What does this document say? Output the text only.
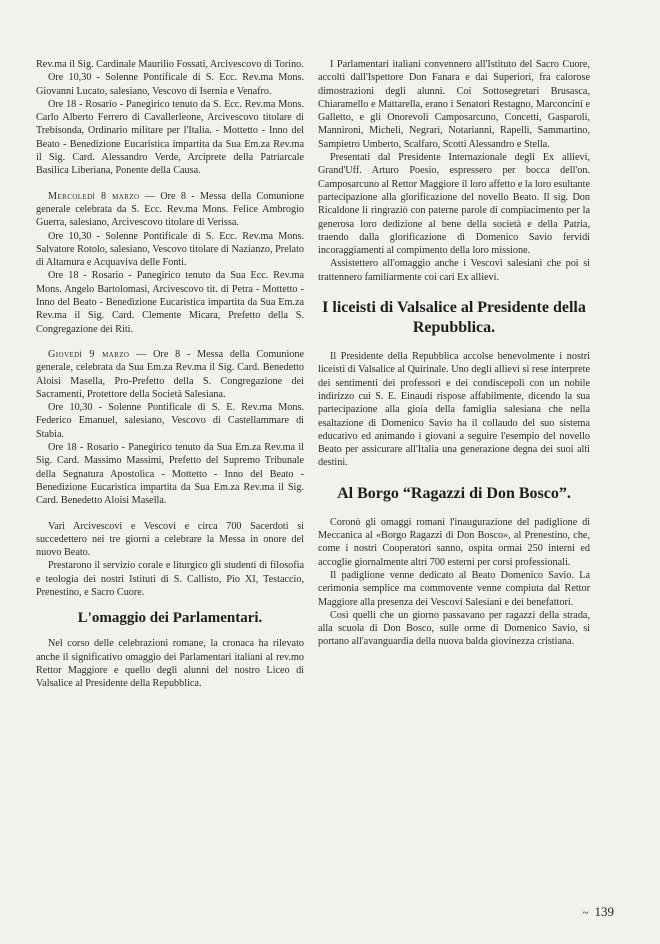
Rev.ma il Sig. Cardinale Maurilio Fossati, Arcivescovo di Torino.

Ore 10,30 - Solenne Pontificale di S. Ecc. Rev.ma Mons. Giovanni Lucato, salesiano, Vescovo di Isernia e Venafro.

Ore 18 - Rosario - Panegirico tenuto da S. Ecc. Rev.ma Mons. Carlo Alberto Ferrero di Cavallerleone, Arcivescovo titolare di Trebisonda, Ordinario militare per l'Italia. - Mottetto - Inno del Beato - Benedizione Eucaristica impartita da Sua Em.za Rev.ma il Sig. Card. Alessandro Verde, Arciprete della Patriarcale Basilica Liberiana, Ponente della Causa.

Mercoledì 8 marzo — Ore 8 - Messa della Comunione generale celebrata da S. Ecc. Rev.ma Mons. Felice Ambrogio Guerra, salesiano, Arcivescovo titolare di Verissa.

Ore 10,30 - Solenne Pontificale di S. Ecc. Rev.ma Mons. Salvatore Rotolo, salesiano, Vescovo titolare di Nazianzo, Prelato di Altamura e Acquaviva delle Fonti.

Ore 18 - Rosario - Panegirico tenuto da Sua Ecc. Rev.ma Mons. Angelo Bartolomasi, Arcivescovo tit. di Petra - Mottetto - Inno del Beato - Benedizione Eucaristica impartita da Sua Em.za Rev.ma il Sig. Card. Clemente Micara, Prefetto della S. Congregazione dei Riti.

Giovedì 9 marzo — Ore 8 - Messa della Comunione generale, celebrata da Sua Em.za Rev.ma il Sig. Card. Benedetto Aloisi Masella, Pro-Prefetto della S. Congregazione dei Sacramenti, Protettore della Società Salesiana.

Ore 10,30 - Solenne Pontificale di S. E. Rev.ma Mons. Federico Emanuel, salesiano, Vescovo di Castellammare di Stabia.

Ore 18 - Rosario - Panegirico tenuto da Sua Em.za Rev.ma il Sig. Card. Massimo Massimi, Prefetto del Supremo Tribunale della Segnatura Apostolica - Mottetto - Inno del Beato - Benedizione Eucaristica impartita da Sua Em.za Rev.ma il Sig. Card. Benedetto Aloisi Masella.

Vari Arcivescovi e Vescovi e circa 700 Sacerdoti si succedettero nei tre giorni a celebrare la Messa in onore del nuovo Beato.

Prestarono il servizio corale e liturgico gli studenti di filosofia e teologia dei nostri Istituti di S. Callisto, Pio XI, Testaccio, Prenestino, e Sacro Cuore.

L'omaggio dei Parlamentari.

Nel corso delle celebrazioni romane, la cronaca ha rilevato anche il significativo omaggio dei Parlamentari italiani al rev.mo Rettor Maggiore e quello degli alunni del nostro Liceo di Valsalice al Presidente della Repubblica.

I Parlamentari italiani convennero all'Istituto del Sacro Cuore, accolti dall'Ispettore Don Fanara e dai Superiori, fra calorose dimostrazioni degli alunni. Coi Sottosegretari Brusasca, Chiaramello e Mattarella, erano i Senatori Restagno, Marconcini e Galletto, e gli Onorevoli Camposarcuno, Concetti, Gasparoli, Mannironi, Micheli, Negrari, Notarianni, Rapelli, Sammartino, Sampietro Umberto, Scalfaro, Scotti Alessandro e Stella.

Presentati dal Presidente Internazionale degli Ex allievi, Grand'Uff. Arturo Poesio, espressero per bocca dell'on. Camposarcuno al Rettor Maggiore il loro affetto e la loro esultante partecipazione alla glorificazione del novello Beato. Il sig. Don Ricaldone li ringraziò con paterne parole di compiacimento per la generosa loro dedizione al bene della società e della Patria, traendo dalla glorificazione di Domenico Savio fervidi incoraggiamenti al compimento della loro missione.

Assistettero all'omaggio anche i Vescovi salesiani che poi si trattennero familiarmente coi cari Ex allievi.

I liceisti di Valsalice al Presidente della Repubblica.

Il Presidente della Repubblica accolse benevolmente i nostri liceisti di Valsalice al Quirinale. Uno degli allievi si rese interprete dei sentimenti dei professori e dei condiscepoli con un nobile indirizzo cui S. E. Einaudi rispose affabilmente, dicendo la sua partecipazione alla gioia della famiglia salesiana che nella esaltazione di Domenico Savio ha il collaudo del suo sistema educativo ed animando i giovani a seguire l'esempio del novello Beato per assicurare all'Italia una generazione degna dei suoi alti destini.

Al Borgo “Ragazzi di Don Bosco”.

Coronò gli omaggi romani l'inaugurazione del padiglione di Meccanica al «Borgo Ragazzi di Don Bosco», al Prenestino, che, come i nostri Cooperatori sanno, ospita ormai 250 interni ed accoglie giornalmente altri 700 esterni per corsi professionali.

Il padiglione venne dedicato al Beato Domenico Savio. La cerimonia semplice ma commovente venne compiuta dal Rettor Maggiore alla presenza dei Vescovi Salesiani e dei benefattori.

Così quelli che un giorno passavano per ragazzi della strada, alla scuola di Don Bosco, sulle orme di Domenico Savio, si portano all'avanguardia della nuova balda giovinezza cristiana.

~ 139
